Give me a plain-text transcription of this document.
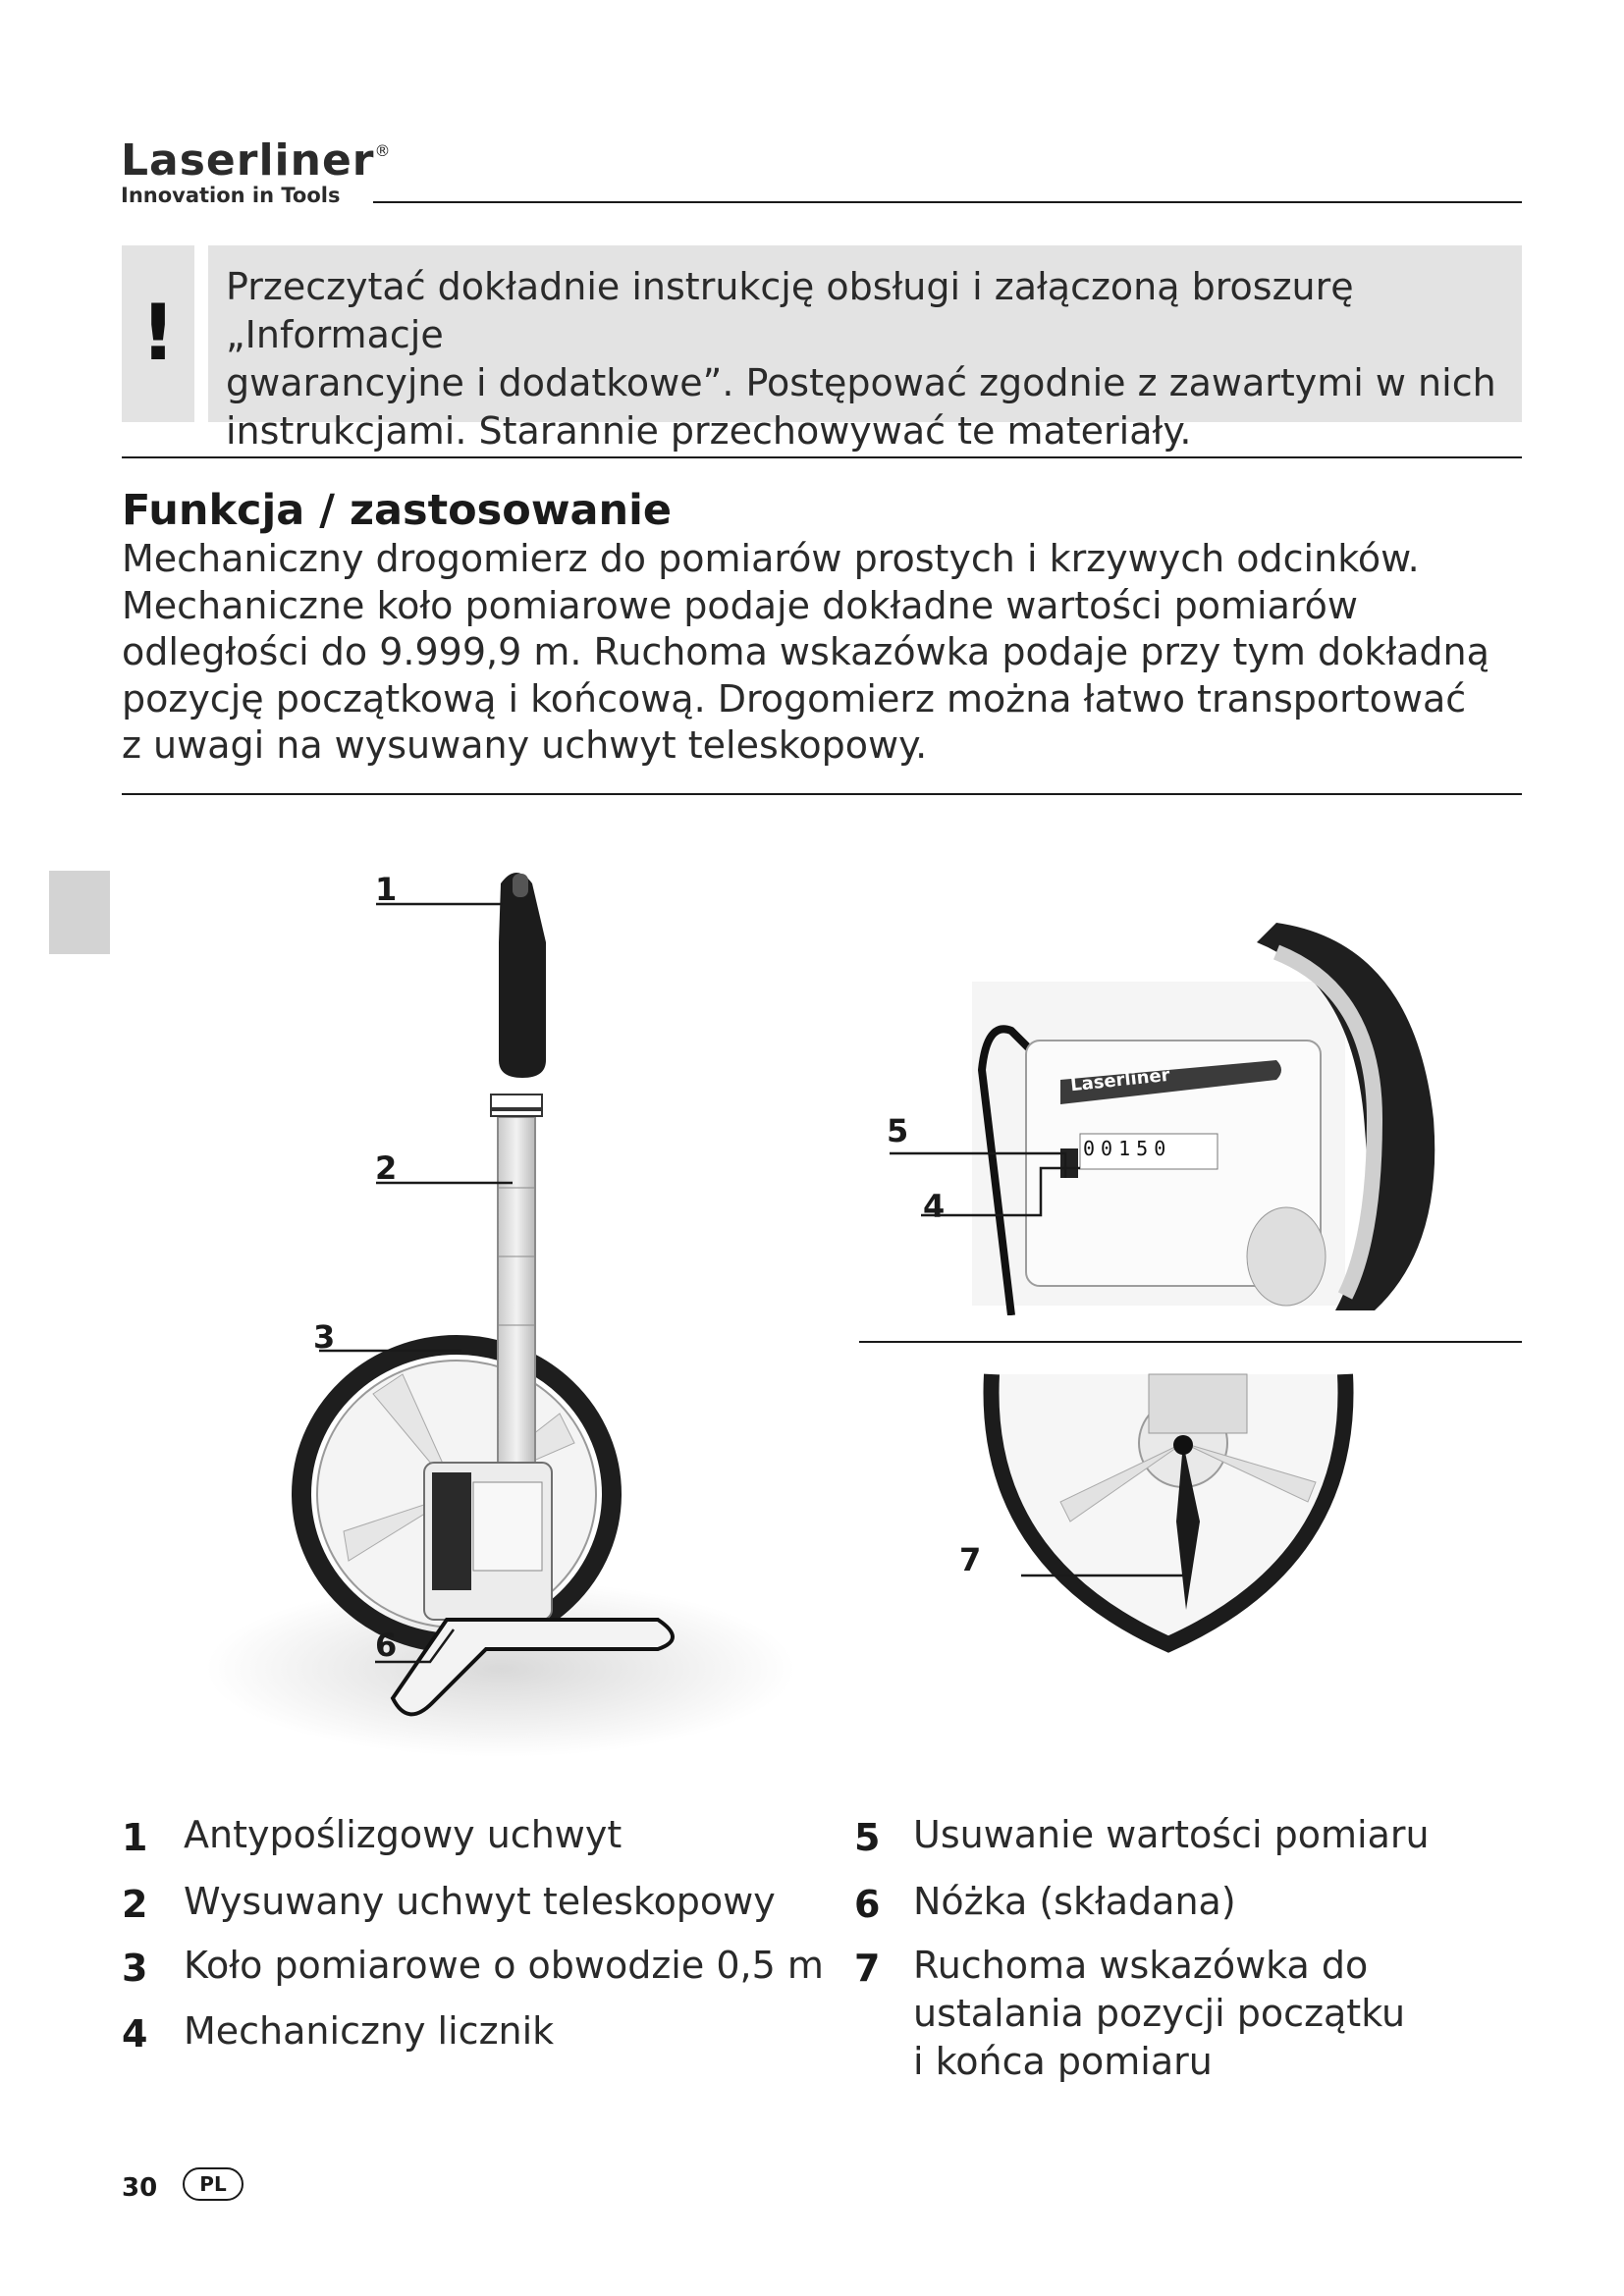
Laserliner®
Innovation in Tools
!
Przeczytać dokładnie instrukcję obsługi i załączoną broszurę „Informacje
gwarancyjne i dodatkowe”. Postępować zgodnie z zawartymi w nich
instrukcjami. Starannie przechowywać te materiały.
Funkcja / zastosowanie
Mechaniczny drogomierz do pomiarów prostych i krzywych odcinków.
Mechaniczne koło pomiarowe podaje dokładne wartości pomiarów
odległości do 9.999,9 m. Ruchoma wskazówka podaje przy tym dokładną
pozycję początkową i końcową. Drogomierz można łatwo transportować
z uwagi na wysuwany uchwyt teleskopowy.
1
2
3
6
Laserliner
00150
5
4
7
1 Antypoślizgowy uchwyt
2 Wysuwany uchwyt teleskopowy
3 Koło pomiarowe o obwodzie 0,5 m
4 Mechaniczny licznik
5 Usuwanie wartości pomiaru
6 Nóżka (składana)
7 Ruchoma wskazówka do
ustalania pozycji początku
i końca pomiaru
30	PL
